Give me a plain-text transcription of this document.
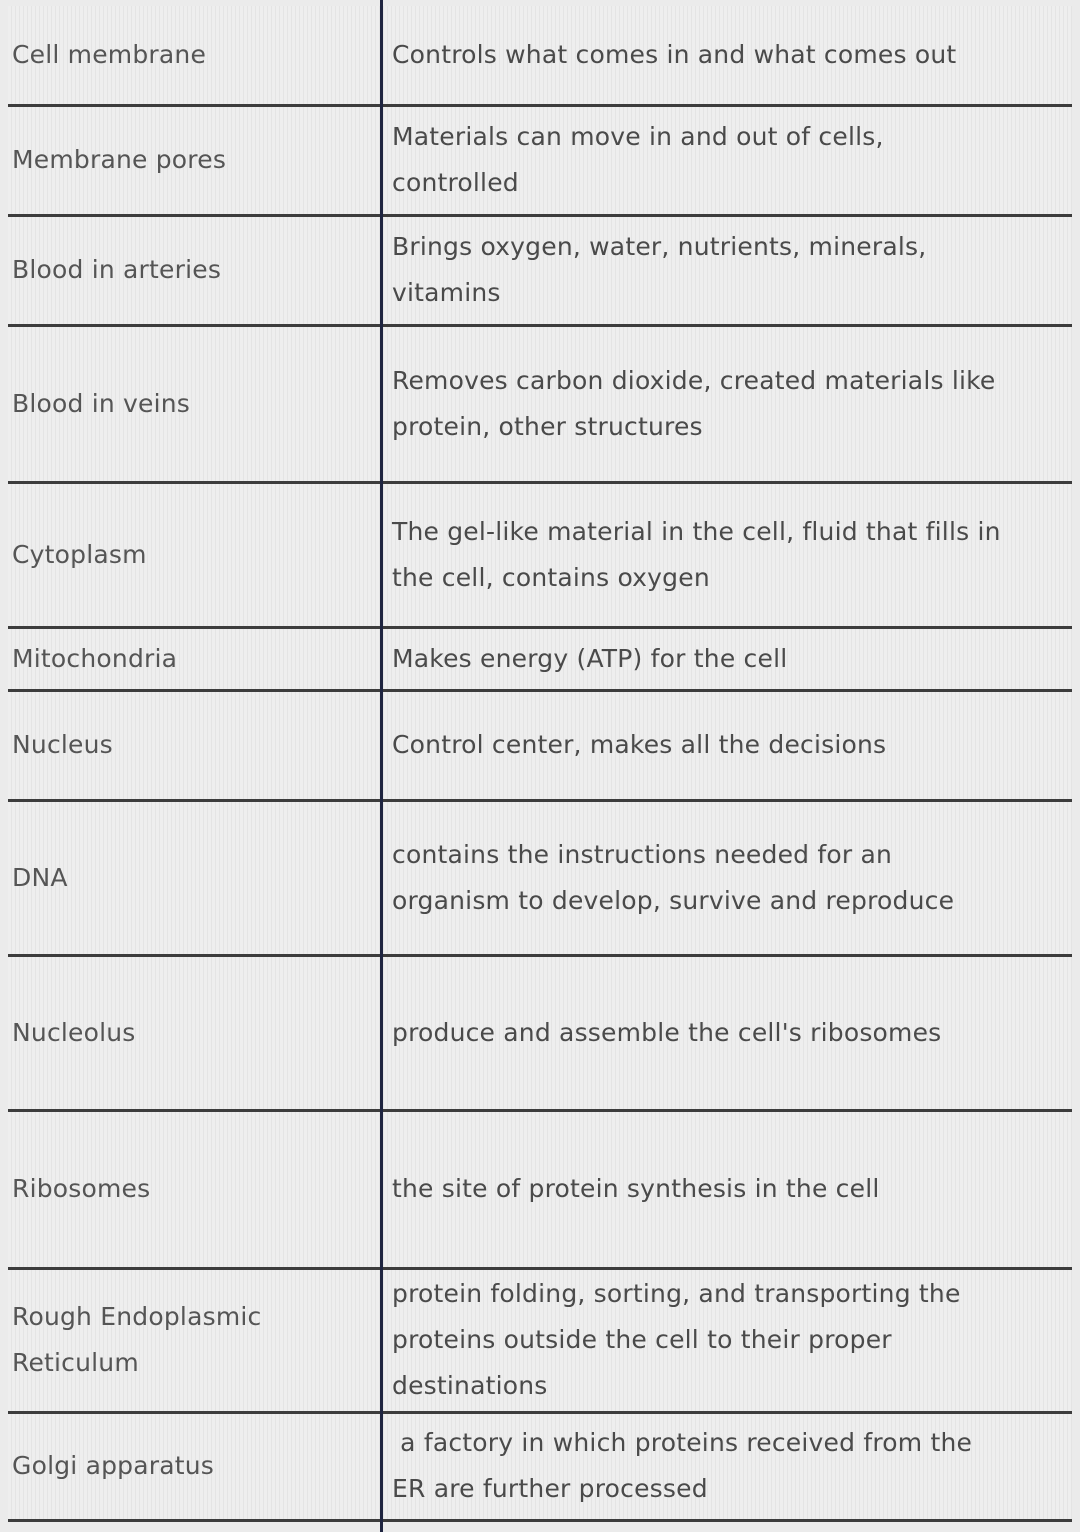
Cell membrane	Controls what comes in and what comes out
Membrane pores	Materials can move in and out of cells, controlled
Blood in arteries	Brings oxygen, water, nutrients, minerals, vitamins
Blood in veins	Removes carbon dioxide, created materials like protein, other structures
Cytoplasm	The gel-like material in the cell, fluid that fills in the cell, contains oxygen
Mitochondria	Makes energy (ATP) for the cell
Nucleus	Control center, makes all the decisions
DNA	contains the instructions needed for an organism to develop, survive and reproduce
Nucleolus	produce and assemble the cell's ribosomes
Ribosomes	the site of protein synthesis in the cell
Rough Endoplasmic Reticulum	protein folding, sorting, and transporting the proteins outside the cell to their proper destinations
Golgi apparatus	a factory in which proteins received from the ER are further processed
